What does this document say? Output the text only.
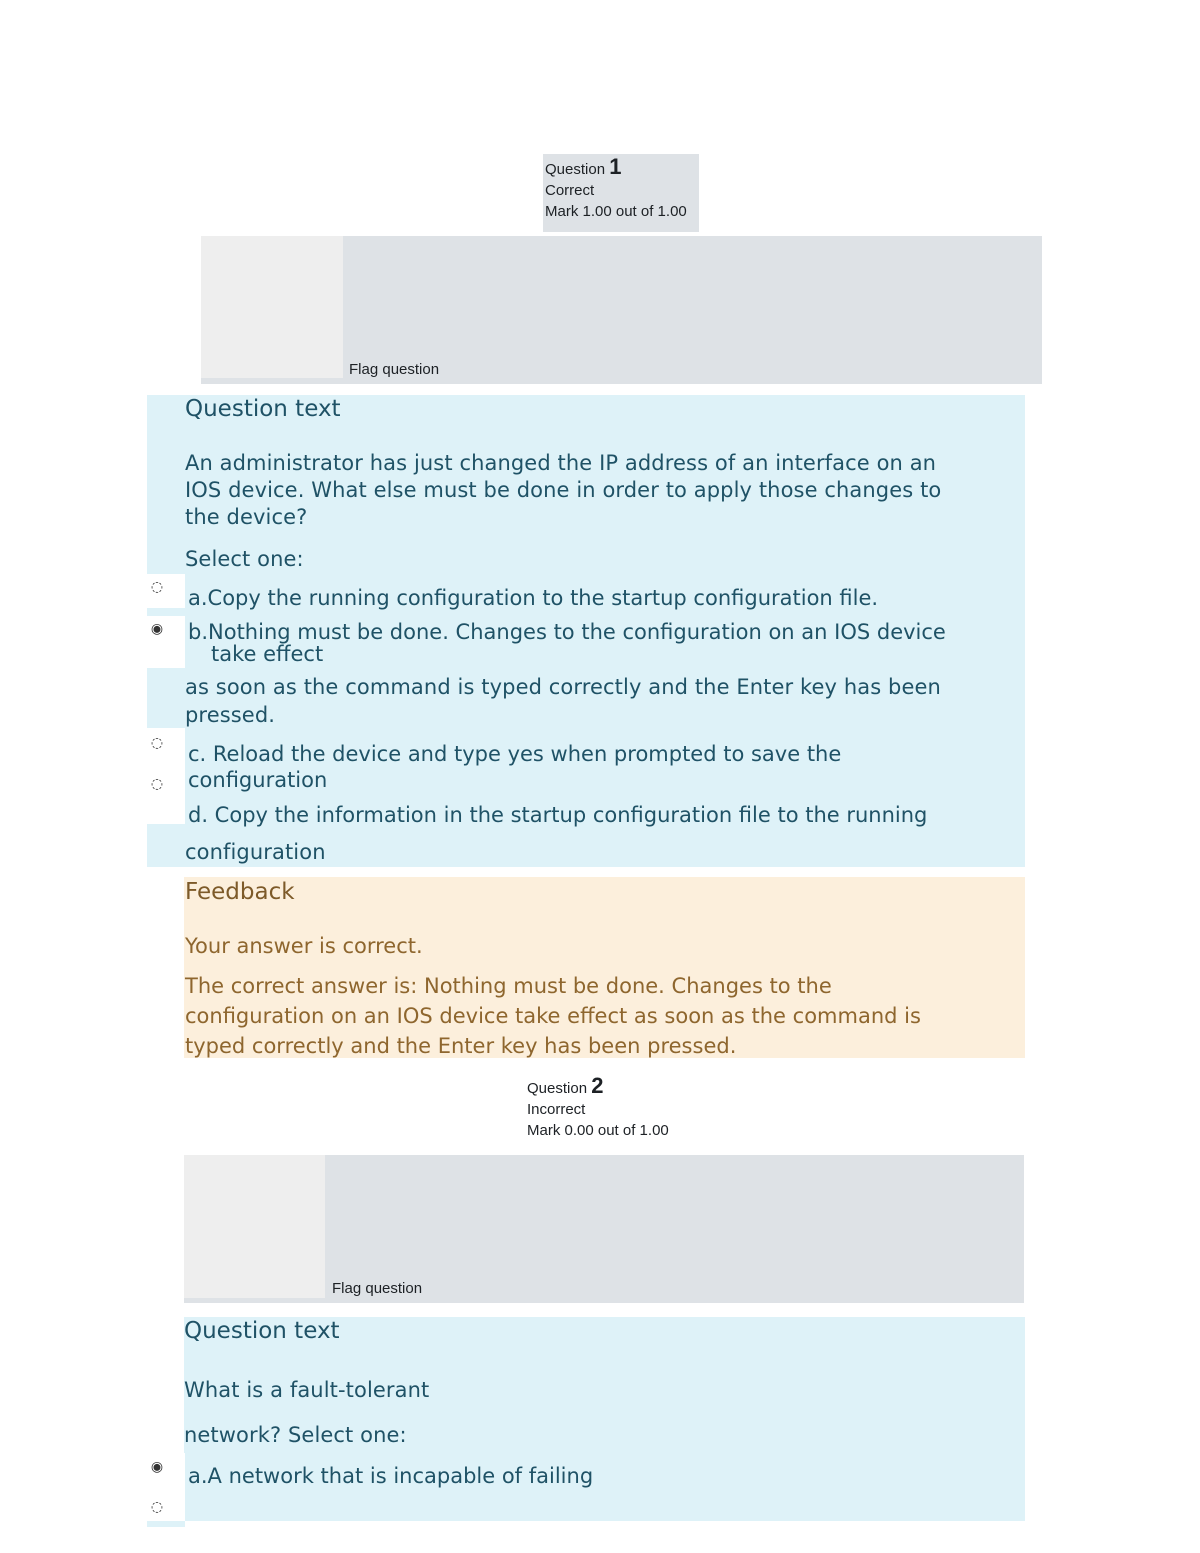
Question 1
Correct
Mark 1.00 out of 1.00
Flag question
Question text
An administrator has just changed the IP address of an interface on an
IOS device. What else must be done in order to apply those changes to
the device?
Select one:
◌ a.Copy the running configuration to the startup configuration file.
◉ b.Nothing must be done. Changes to the configuration on an IOS device
take effect
as soon as the command is typed correctly and the Enter key has been
pressed.
◌ c. Reload the device and type yes when prompted to save the
configuration
◌
d. Copy the information in the startup configuration file to the running
configuration
Feedback
Your answer is correct.
The correct answer is: Nothing must be done. Changes to the
configuration on an IOS device take effect as soon as the command is
typed correctly and the Enter key has been pressed.
Question 2
Incorrect
Mark 0.00 out of 1.00
Flag question
Question text
What is a fault-tolerant
network? Select one:
◉ a.A network that is incapable of failing
◌
